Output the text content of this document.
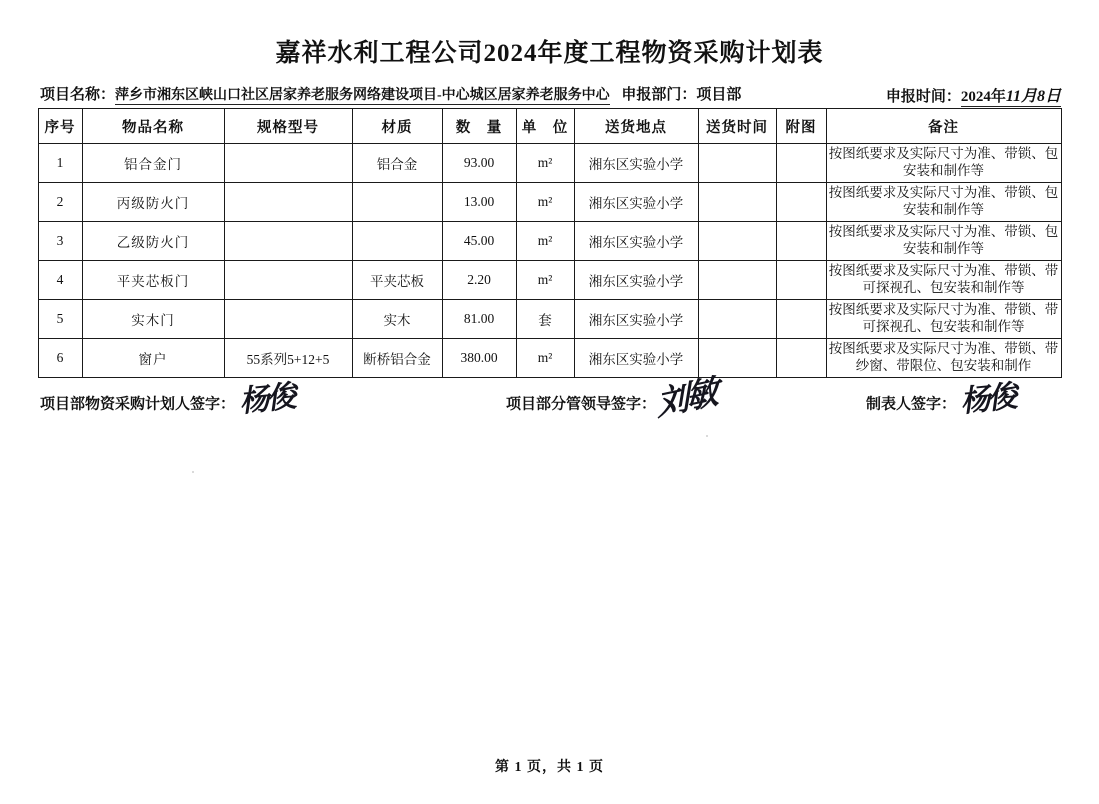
嘉祥水利工程公司2024年度工程物资采购计划表
项目名称：萍乡市湘东区峡山口社区居家养老服务网络建设项目-中心城区居家养老服务中心 申报部门：项目部	申报时间：2024年11月8日
序号	物品名称	规格型号	材质	数　量	单　位	送货地点	送货时间	附图	备注
1	铝合金门		铝合金	93.00	m²	湘东区实验小学			按图纸要求及实际尺寸为准、带锁、包安装和制作等
2	丙级防火门			13.00	m²	湘东区实验小学			按图纸要求及实际尺寸为准、带锁、包安装和制作等
3	乙级防火门			45.00	m²	湘东区实验小学			按图纸要求及实际尺寸为准、带锁、包安装和制作等
4	平夹芯板门		平夹芯板	2.20	m²	湘东区实验小学			按图纸要求及实际尺寸为准、带锁、带可探视孔、包安装和制作等
5	实木门		实木	81.00	套	湘东区实验小学			按图纸要求及实际尺寸为准、带锁、带可探视孔、包安装和制作等
6	窗户	55系列5+12+5	断桥铝合金	380.00	m²	湘东区实验小学			按图纸要求及实际尺寸为准、带锁、带纱窗、带限位、包安装和制作
项目部物资采购计划人签字： 杨俊	项目部分管领导签字： 刘敏	制表人签字： 杨俊
第 1 页，共 1 页
